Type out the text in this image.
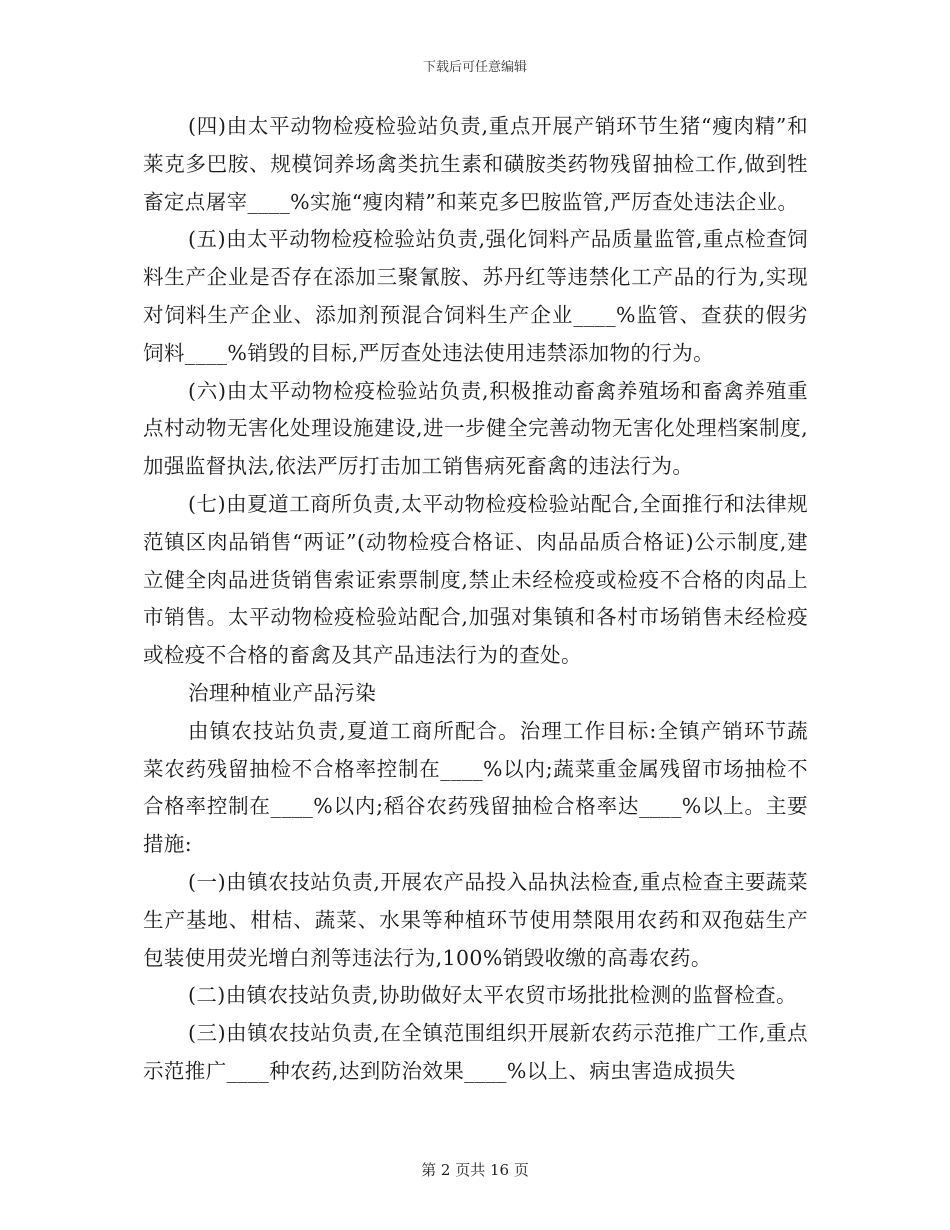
下载后可任意编辑

(四)由太平动物检疫检验站负责,重点开展产销环节生猪“瘦肉精”和莱克多巴胺、规模饲养场禽类抗生素和磺胺类药物残留抽检工作,做到牲畜定点屠宰____%实施“瘦肉精”和莱克多巴胺监管,严厉查处违法企业。

(五)由太平动物检疫检验站负责,强化饲料产品质量监管,重点检查饲料生产企业是否存在添加三聚氰胺、苏丹红等违禁化工产品的行为,实现对饲料生产企业、添加剂预混合饲料生产企业____%监管、查获的假劣饲料____%销毁的目标,严厉查处违法使用违禁添加物的行为。

(六)由太平动物检疫检验站负责,积极推动畜禽养殖场和畜禽养殖重点村动物无害化处理设施建设,进一步健全完善动物无害化处理档案制度,加强监督执法,依法严厉打击加工销售病死畜禽的违法行为。

(七)由夏道工商所负责,太平动物检疫检验站配合,全面推行和法律规范镇区肉品销售“两证”(动物检疫合格证、肉品品质合格证)公示制度,建立健全肉品进货销售索证索票制度,禁止未经检疫或检疫不合格的肉品上市销售。太平动物检疫检验站配合,加强对集镇和各村市场销售未经检疫或检疫不合格的畜禽及其产品违法行为的查处。

治理种植业产品污染

由镇农技站负责,夏道工商所配合。治理工作目标:全镇产销环节蔬菜农药残留抽检不合格率控制在____%以内;蔬菜重金属残留市场抽检不合格率控制在____%以内;稻谷农药残留抽检合格率达____%以上。主要措施:

(一)由镇农技站负责,开展农产品投入品执法检查,重点检查主要蔬菜生产基地、柑桔、蔬菜、水果等种植环节使用禁限用农药和双孢菇生产包装使用荧光增白剂等违法行为,100%销毁收缴的高毒农药。

(二)由镇农技站负责,协助做好太平农贸市场批批检测的监督检查。

(三)由镇农技站负责,在全镇范围组织开展新农药示范推广工作,重点示范推广____种农药,达到防治效果____%以上、病虫害造成损失

第 2 页共 16 页
